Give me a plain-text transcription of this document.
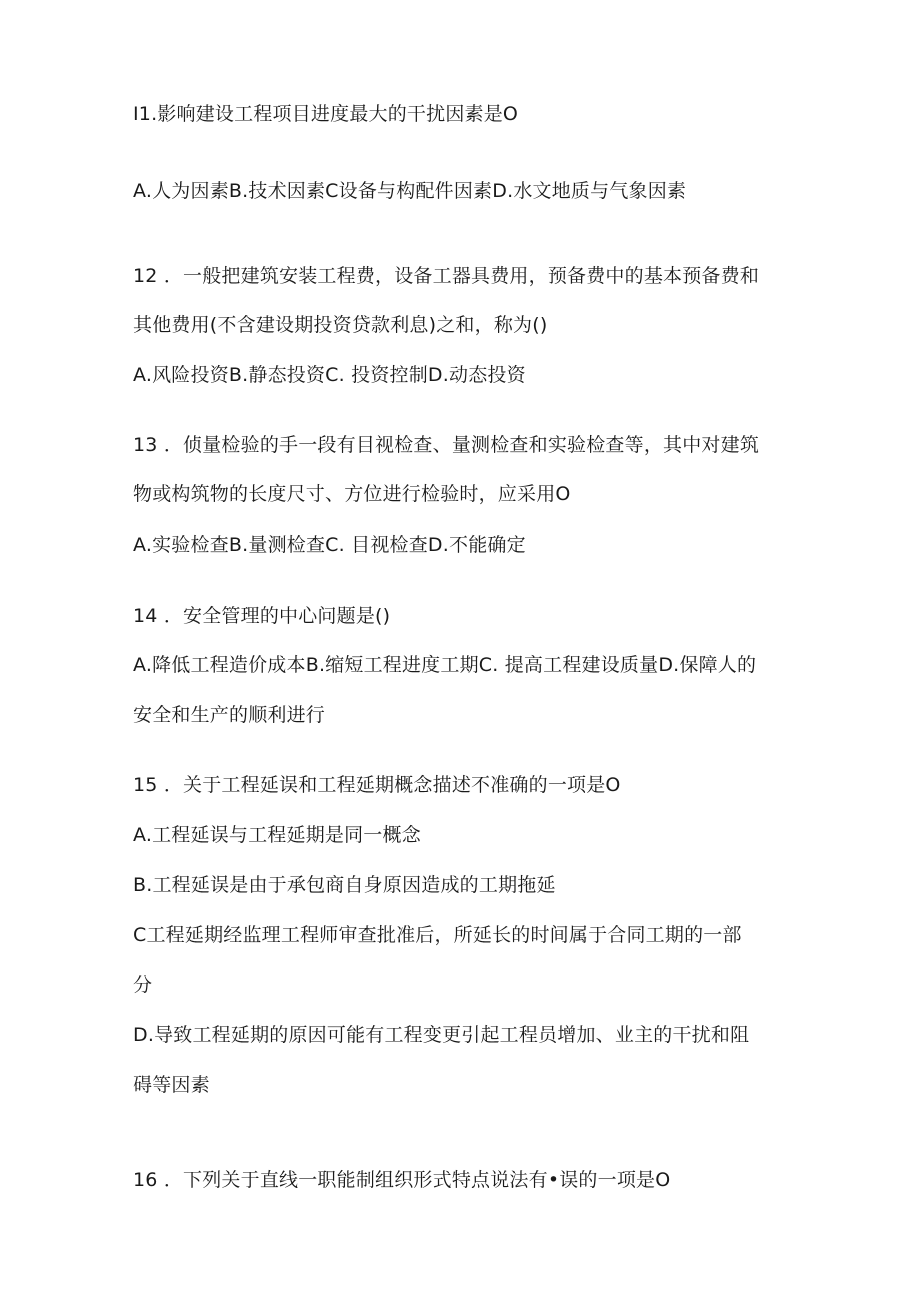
I1.影响建设工程项目进度最大的干扰因素是O
A.人为因素B.技术因素C设备与构配件因素D.水文地质与气象因素
12 ．一般把建筑安装工程费，设备工器具费用，预备费中的基本预备费和
其他费用(不含建设期投资贷款利息)之和，称为()
A.风险投资B.静态投资C. 投资控制D.动态投资
13 ．侦量检验的手一段有目视检查、量测检查和实验检查等，其中对建筑
物或构筑物的长度尺寸、方位进行检验时，应采用O
A.实验检查B.量测检查C. 目视检查D.不能确定
14 ．安全管理的中心问题是()
A.降低工程造价成本B.缩短工程进度工期C. 提高工程建设质量D.保障人的
安全和生产的顺利进行
15 ．关于工程延误和工程延期概念描述不准确的一项是O
A.工程延误与工程延期是同一概念
B.工程延误是由于承包商自身原因造成的工期拖延
C工程延期经监理工程师审查批准后，所延长的时间属于合同工期的一部
分
D.导致工程延期的原因可能有工程变更引起工程员增加、业主的干扰和阻
碍等因素
16 ．下列关于直线一职能制组织形式特点说法有•误的一项是O
